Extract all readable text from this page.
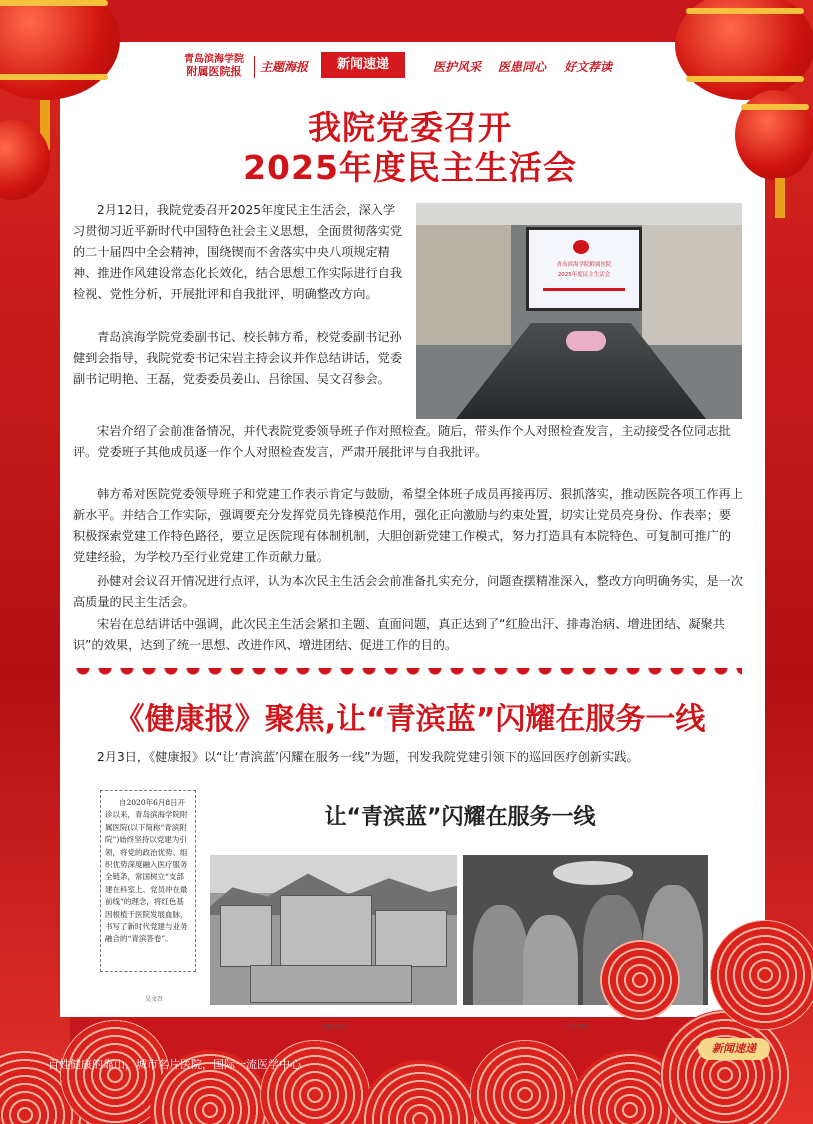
青岛滨海学院
附属医院报	主题海报	新闻速递	医护风采 医患同心 好文荐读
我院党委召开
2025年度民主生活会

2月12日，我院党委召开2025年度民主生活会，深入学习贯彻习近平新时代中国特色社会主义思想，全面贯彻落实党的二十届四中全会精神，围绕锲而不舍落实中央八项规定精神、推进作风建设常态化长效化，结合思想工作实际进行自我检视、党性分析，开展批评和自我批评，明确整改方向。

青岛滨海学院党委副书记、校长韩方希，校党委副书记孙健到会指导，我院党委书记宋岩主持会议并作总结讲话，党委副书记明艳、王磊，党委委员姜山、吕徐国、吴文召参会。

青岛滨海学院附属医院
2025年度民主生活会

宋岩介绍了会前准备情况，并代表院党委领导班子作对照检查。随后，带头作个人对照检查发言，主动接受各位同志批评。党委班子其他成员逐一作个人对照检查发言，严肃开展批评与自我批评。

韩方希对医院党委领导班子和党建工作表示肯定与鼓励，希望全体班子成员再接再厉、狠抓落实，推动医院各项工作再上新水平。并结合工作实际，强调要充分发挥党员先锋模范作用，强化正向激励与约束处置，切实让党员亮身份、作表率；要积极探索党建工作特色路径，要立足医院现有体制机制，大胆创新党建工作模式，努力打造具有本院特色、可复制可推广的党建经验，为学校乃至行业党建工作贡献力量。

孙健对会议召开情况进行点评，认为本次民主生活会会前准备扎实充分，问题查摆精准深入，整改方向明确务实，是一次高质量的民主生活会。

宋岩在总结讲话中强调，此次民主生活会紧扣主题、直面问题，真正达到了“红脸出汗、排毒治病、增进团结、凝聚共识”的效果，达到了统一思想、改进作风、增进团结、促进工作的目的。

《健康报》聚焦,让“青滨蓝”闪耀在服务一线

2月3日，《健康报》以“让‘青滨蓝’闪耀在服务一线”为题，刊发我院党建引领下的巡回医疗创新实践。

自2020年6月8日开诊以来，青岛滨海学院附属医院(以下简称“青滨附院”)始终坚持以党建为引领，将党的政治优势、组织优势深度融入医疗服务全链条，常国树立“支部建在科室上、党员冲在最前线”的理念，将红色基因根植于医院发展血脉，书写了新时代党建与业务融合的“青滨答卷”。
让“青滨蓝”闪耀在服务一线
吴文召
医院外景	手术团队
百姓健康的靠山，城市名片医院，国际一流医学中心
新闻速递
